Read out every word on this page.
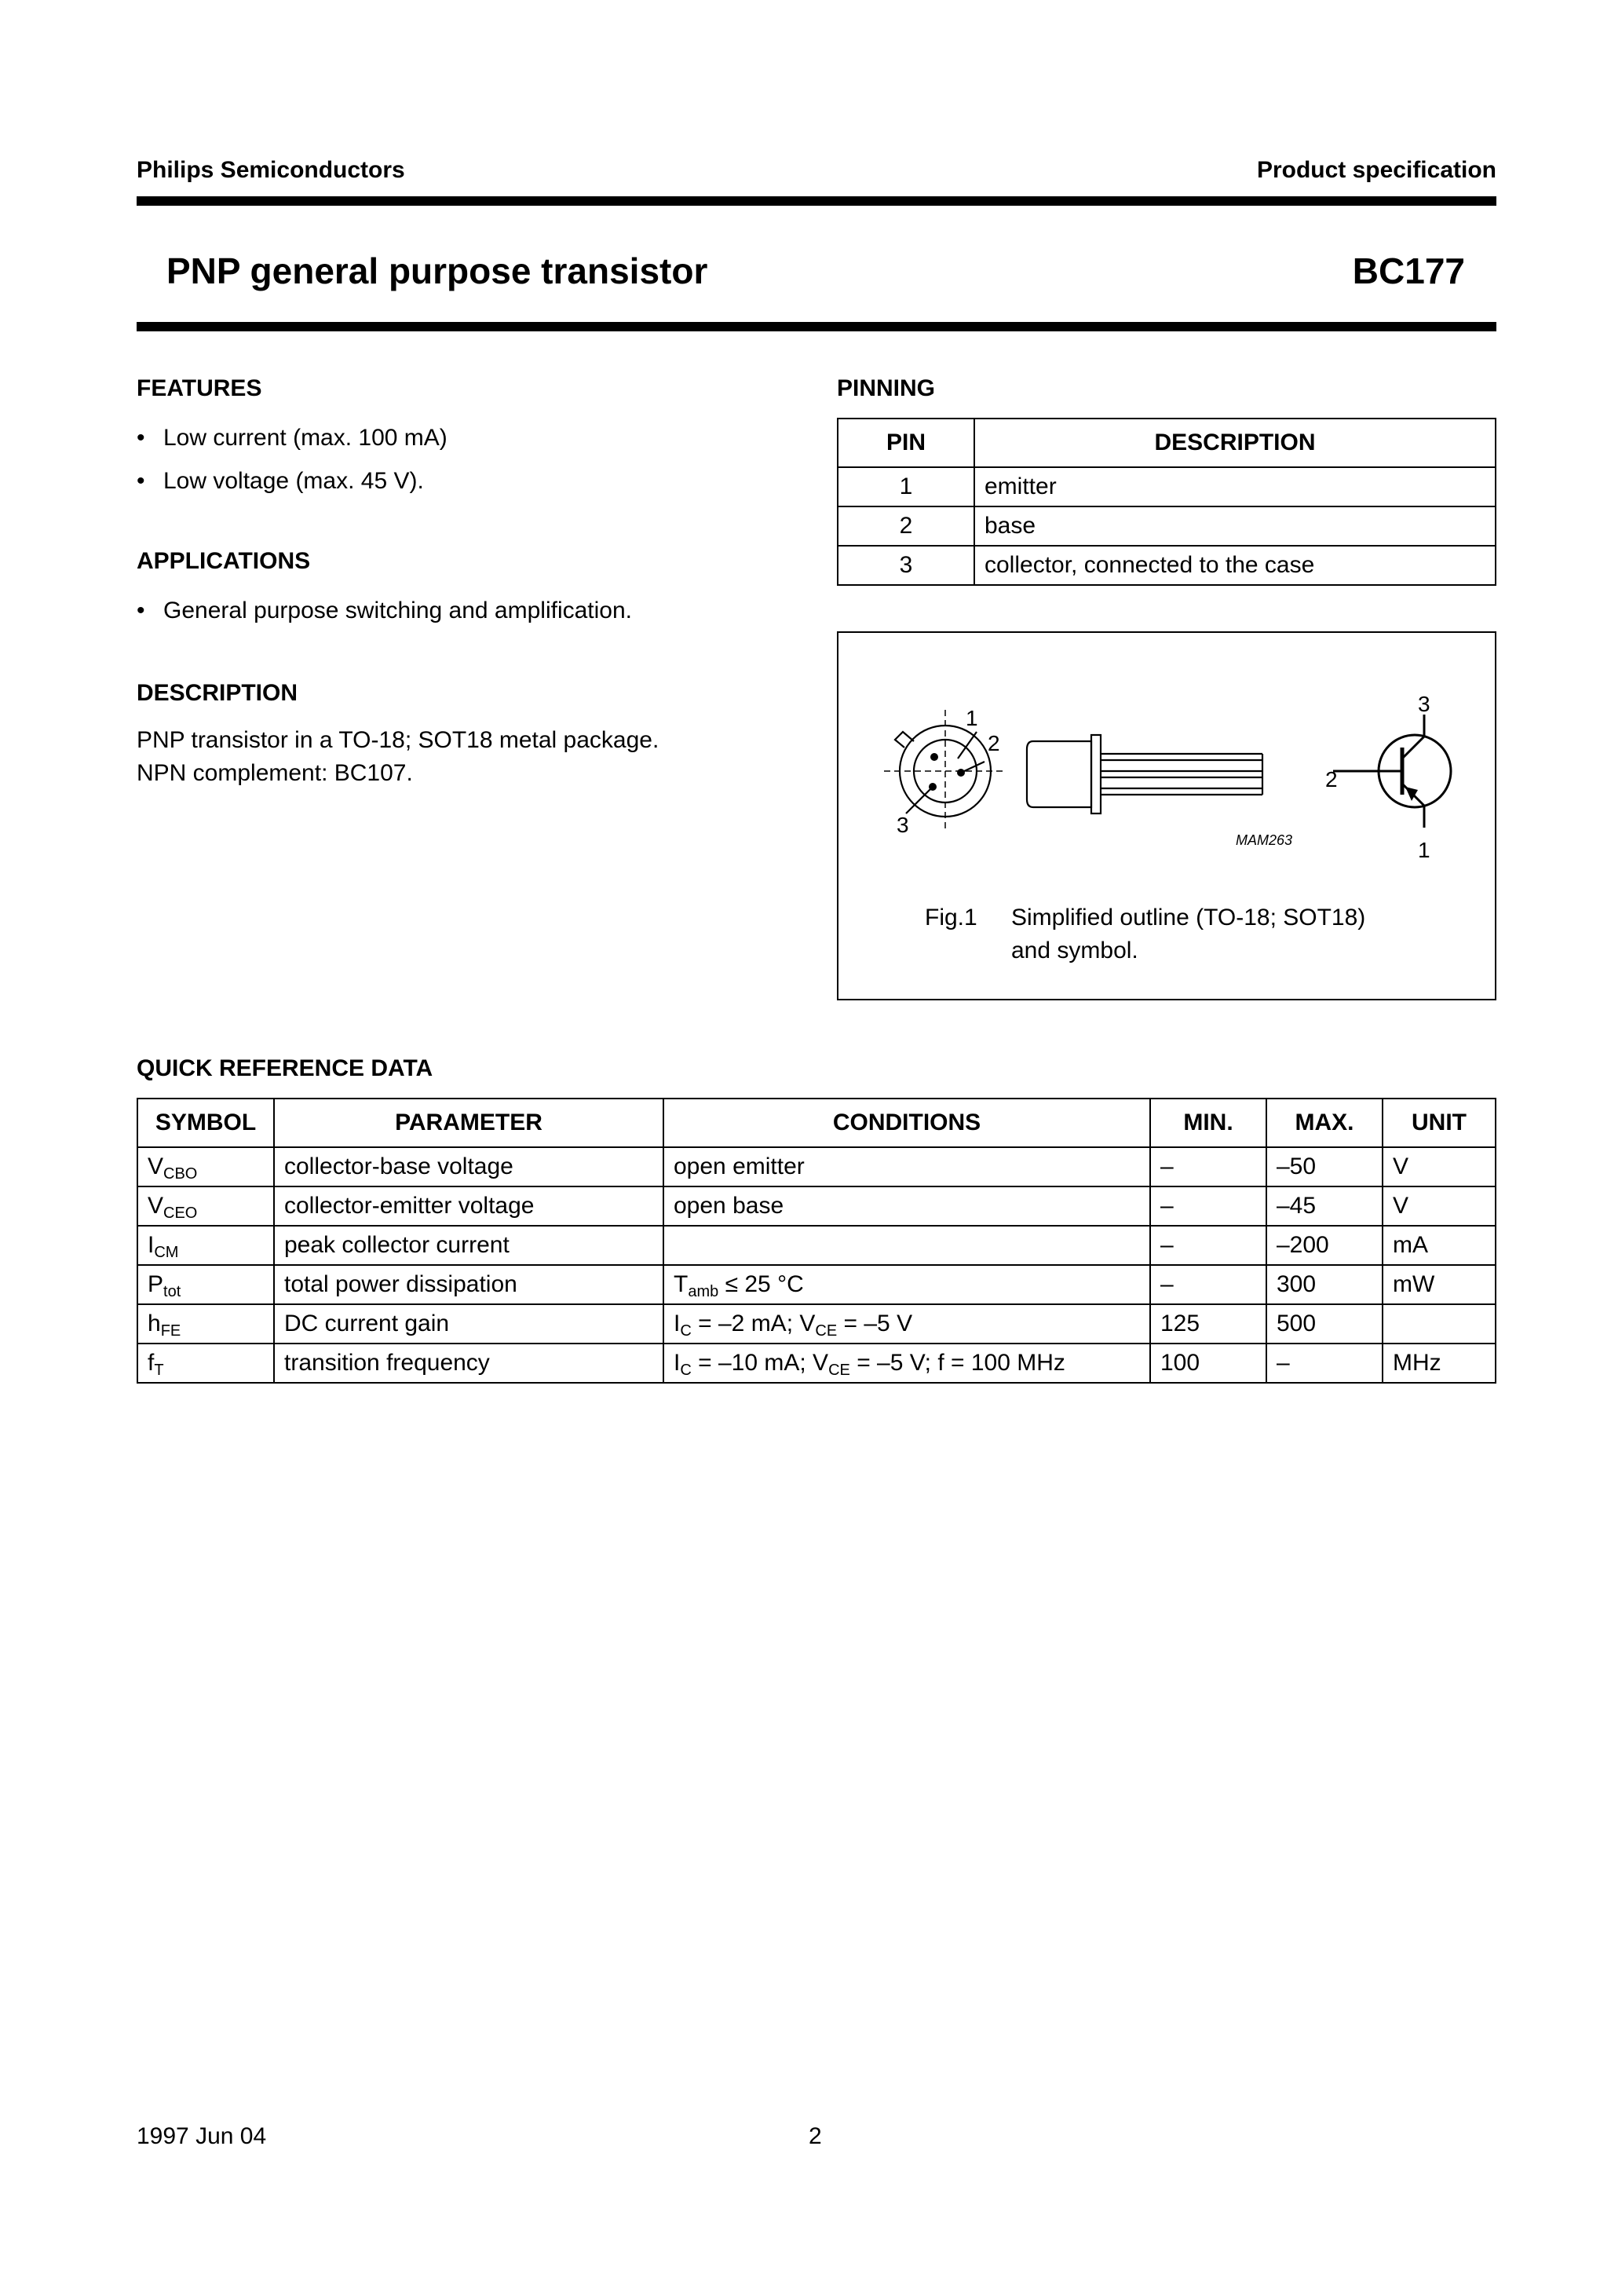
Philips Semiconductors	Product specification
PNP general purpose transistor	BC177
FEATURES
• Low current (max. 100 mA)
• Low voltage (max. 45 V).
APPLICATIONS
• General purpose switching and amplification.
DESCRIPTION
PNP transistor in a TO-18; SOT18 metal package.
NPN complement: BC107.
PINNING
PIN	DESCRIPTION
1	emitter
2	base
3	collector, connected to the case
1
2
3
MAM263
3
2
1
Fig.1 Simplified outline (TO-18; SOT18)
and symbol.
QUICK REFERENCE DATA
SYMBOL	PARAMETER	CONDITIONS	MIN.	MAX.	UNIT
$V_{CBO}$	collector-base voltage	open emitter	–	–50	V
$V_{CEO}$	collector-emitter voltage	open base	–	–45	V
$I_{CM}$	peak collector current		–	–200	mA
$P_{tot}$	total power dissipation	$T_{amb} \le 25$ °C	–	300	mW
$h_{FE}$	DC current gain	$I_C = -2$ mA; $V_{CE} = -5$ V	125	500	
$f_T$	transition frequency	$I_C = -10$ mA; $V_{CE} = -5$ V; f = 100 MHz	100	–	MHz
1997 Jun 04	2
